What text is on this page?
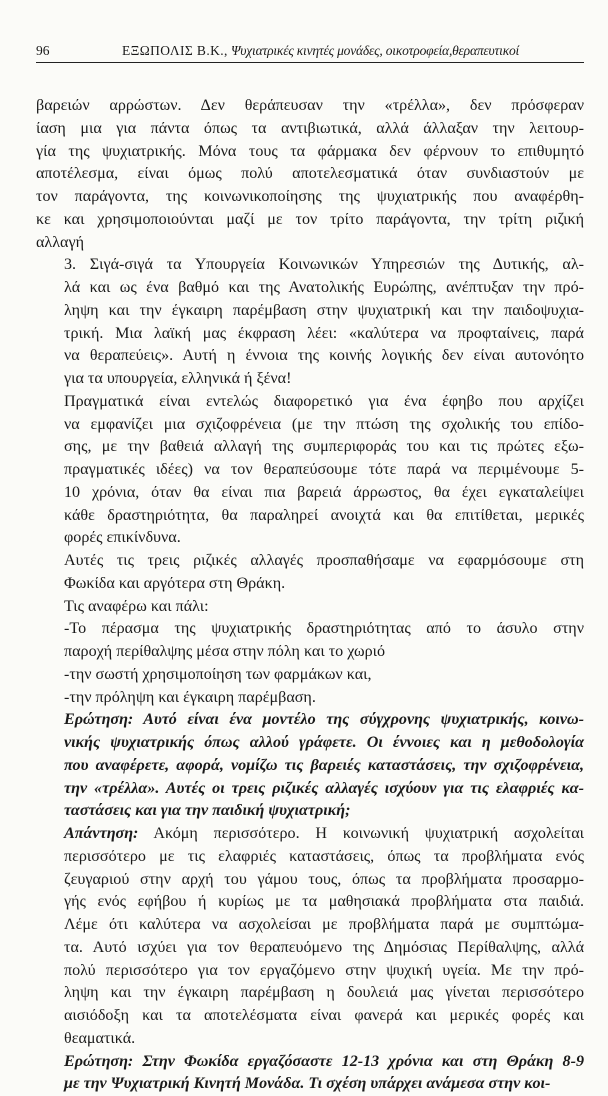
96	ΕΞΩΠΟΛΙΣ Β.Κ., Ψυχιατρικές κινητές μονάδες, οικοτροφεία,θεραπευτικοί

βαρειών αρρώστων. Δεν θεράπευσαν την «τρέλλα», δεν πρόσφεραν
ίαση μια για πάντα όπως τα αντιβιωτικά, αλλά άλλαξαν την λειτουρ-
γία της ψυχιατρικής. Μόνα τους τα φάρμακα δεν φέρνουν το επιθυμητό
αποτέλεσμα, είναι όμως πολύ αποτελεσματικά όταν συνδιαστούν με
τον παράγοντα, της κοινωνικοποίησης της ψυχιατρικής που αναφέρθη-
κε και χρησιμοποιούνται μαζί με τον τρίτο παράγοντα, την τρίτη ριζική
αλλαγή

3. Σιγά-σιγά τα Υπουργεία Κοινωνικών Υπηρεσιών της Δυτικής, αλ-
λά και ως ένα βαθμό και της Ανατολικής Ευρώπης, ανέπτυξαν την πρό-
ληψη και την έγκαιρη παρέμβαση στην ψυχιατρική και την παιδοψυχια-
τρική. Μια λαϊκή μας έκφραση λέει: «καλύτερα να προφταίνεις, παρά
να θεραπεύεις». Αυτή η έννοια της κοινής λογικής δεν είναι αυτονόητο
για τα υπουργεία, ελληνικά ή ξένα!

Πραγματικά είναι εντελώς διαφορετικό για ένα έφηβο που αρχίζει
να εμφανίζει μια σχιζοφρένεια (με την πτώση της σχολικής του επίδο-
σης, με την βαθειά αλλαγή της συμπεριφοράς του και τις πρώτες εξω-
πραγματικές ιδέες) να τον θεραπεύσουμε τότε παρά να περιμένουμε 5-
10 χρόνια, όταν θα είναι πια βαρειά άρρωστος, θα έχει εγκαταλείψει
κάθε δραστηριότητα, θα παραληρεί ανοιχτά και θα επιτίθεται, μερικές
φορές επικίνδυνα.

Αυτές τις τρεις ριζικές αλλαγές προσπαθήσαμε να εφαρμόσουμε στη
Φωκίδα και αργότερα στη Θράκη.

Τις αναφέρω και πάλι:

-Το πέρασμα της ψυχιατρικής δραστηριότητας από το άσυλο στην
παροχή περίθαλψης μέσα στην πόλη και το χωριό

-την σωστή χρησιμοποίηση των φαρμάκων και,

-την πρόληψη και έγκαιρη παρέμβαση.

Ερώτηση: Αυτό είναι ένα μοντέλο της σύγχρονης ψυχιατρικής, κοινω-
νικής ψυχιατρικής όπως αλλού γράφετε. Οι έννοιες και η μεθοδολογία
που αναφέρετε, αφορά, νομίζω τις βαρειές καταστάσεις, την σχιζοφρένεια,
την «τρέλλα». Αυτές οι τρεις ριζικές αλλαγές ισχύουν για τις ελαφριές κα-
ταστάσεις και για την παιδική ψυχιατρική;

Απάντηση: Ακόμη περισσότερο. Η κοινωνική ψυχιατρική ασχολείται
περισσότερο με τις ελαφριές καταστάσεις, όπως τα προβλήματα ενός
ζευγαριού στην αρχή του γάμου τους, όπως τα προβλήματα προσαρμο-
γής ενός εφήβου ή κυρίως με τα μαθησιακά προβλήματα στα παιδιά.
Λέμε ότι καλύτερα να ασχολείσαι με προβλήματα παρά με συμπτώμα-
τα. Αυτό ισχύει για τον θεραπευόμενο της Δημόσιας Περίθαλψης, αλλά
πολύ περισσότερο για τον εργαζόμενο στην ψυχική υγεία. Με την πρό-
ληψη και την έγκαιρη παρέμβαση η δουλειά μας γίνεται περισσότερο
αισιόδοξη και τα αποτελέσματα είναι φανερά και μερικές φορές και
θεαματικά.

Ερώτηση: Στην Φωκίδα εργαζόσαστε 12-13 χρόνια και στη Θράκη 8-9
με την Ψυχιατρική Κινητή Μονάδα. Τι σχέση υπάρχει ανάμεσα στην κοι-
